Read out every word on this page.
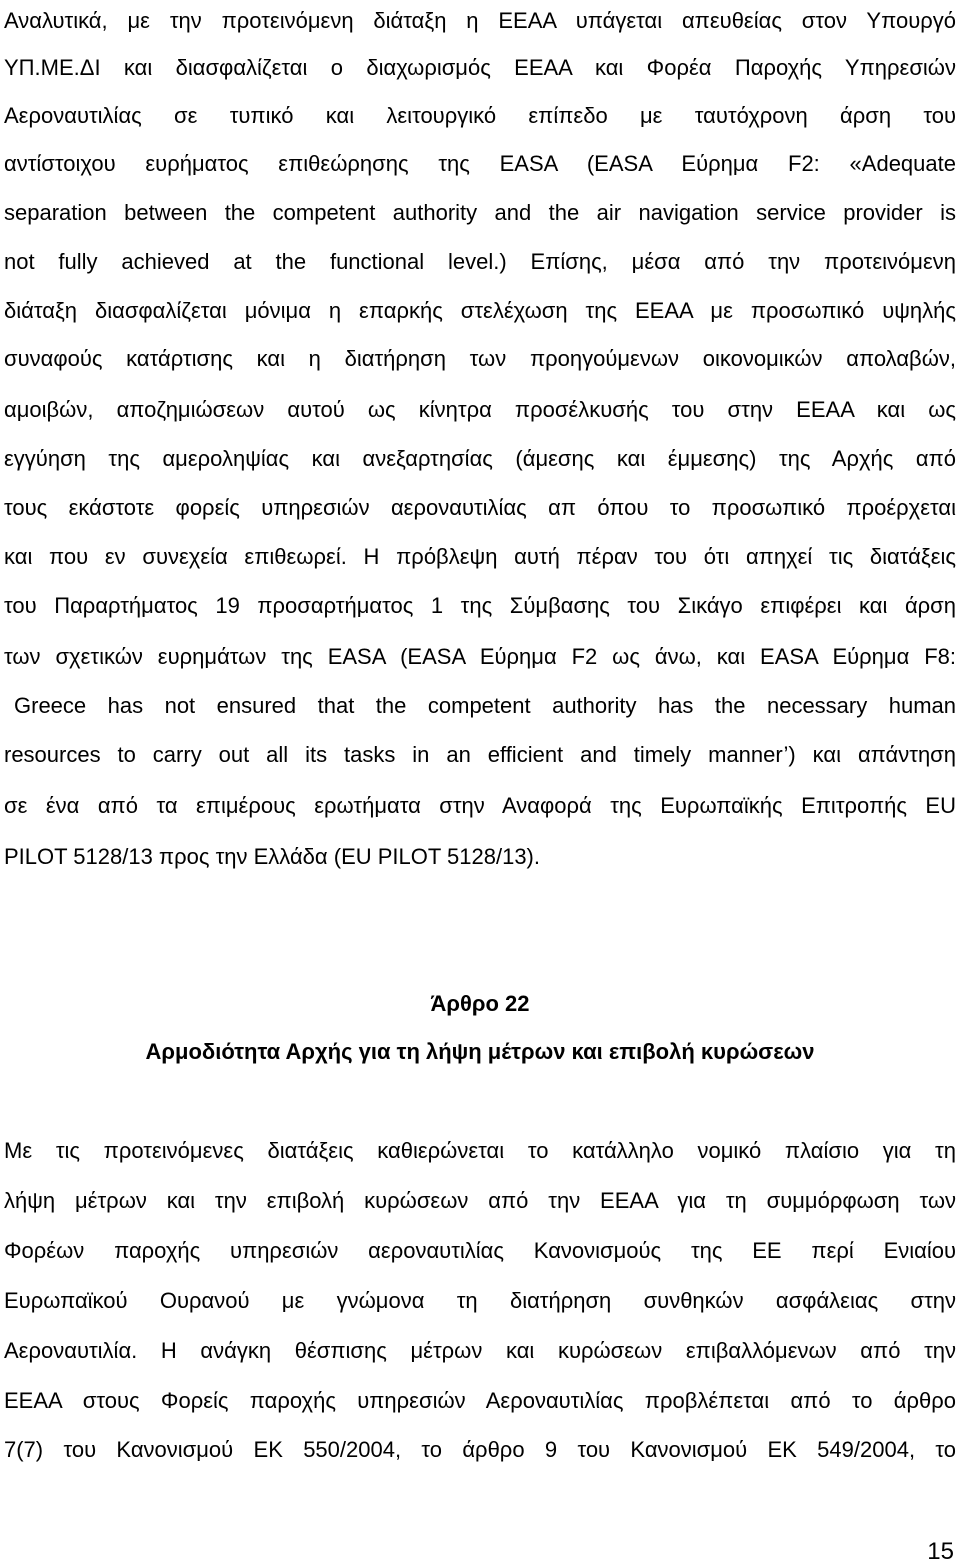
Αναλυτικά, με την προτεινόμενη διάταξη η ΕΕΑΑ υπάγεται απευθείας στον Υπουργό
ΥΠ.ΜΕ.ΔΙ και διασφαλίζεται ο διαχωρισμός ΕΕΑΑ και Φορέα Παροχής Υπηρεσιών
Αεροναυτιλίας σε τυπικό και λειτουργικό επίπεδο με ταυτόχρονη άρση του
αντίστοιχου ευρήματος επιθεώρησης της EASA (EASA Εύρημα F2: «Adequate
separation between the competent authority and the air navigation service provider is
not fully achieved at the functional level.) Επίσης, μέσα από την προτεινόμενη
διάταξη διασφαλίζεται μόνιμα η επαρκής στελέχωση της ΕΕΑΑ με προσωπικό υψηλής
συναφούς κατάρτισης και η διατήρηση των προηγούμενων οικονομικών απολαβών,
αμοιβών, αποζημιώσεων αυτού ως κίνητρα προσέλκυσής του στην ΕΕΑΑ και ως
εγγύηση της αμεροληψίας και ανεξαρτησίας (άμεσης και έμμεσης) της Αρχής από
τους εκάστοτε φορείς υπηρεσιών αεροναυτιλίας απ όπου το προσωπικό προέρχεται
και που εν συνεχεία επιθεωρεί. Η πρόβλεψη αυτή πέραν του ότι απηχεί τις διατάξεις
του Παραρτήματος 19 προσαρτήματος 1 της Σύμβασης του Σικάγο επιφέρει και άρση
των σχετικών ευρημάτων της EASA (EASA Εύρημα F2 ως άνω, και EASA Εύρημα F8:
Greece has not ensured that the competent authority has the necessary human
resources to carry out all its tasks in an efficient and timely manner’) και απάντηση
σε ένα από τα επιμέρους ερωτήματα στην Αναφορά της Ευρωπαϊκής Επιτροπής EU
PILOT 5128/13 προς την Ελλάδα (EU PILOT 5128/13).
Άρθρο 22
Αρμοδιότητα Αρχής για τη λήψη μέτρων και επιβολή κυρώσεων
Με τις προτεινόμενες διατάξεις καθιερώνεται το κατάλληλο νομικό πλαίσιο για τη
λήψη μέτρων και την επιβολή κυρώσεων από την ΕΕΑΑ για τη συμμόρφωση των
Φορέων παροχής υπηρεσιών αεροναυτιλίας Κανονισμούς της ΕΕ περί Ενιαίου
Ευρωπαϊκού Ουρανού με γνώμονα τη διατήρηση συνθηκών ασφάλειας στην
Αεροναυτιλία. Η ανάγκη θέσπισης μέτρων και κυρώσεων επιβαλλόμενων από την
ΕΕΑΑ στους Φορείς παροχής υπηρεσιών Αεροναυτιλίας προβλέπεται από το άρθρο
7(7) του Κανονισμού ΕΚ 550/2004, το άρθρο 9 του Κανονισμού ΕΚ 549/2004, το
15
